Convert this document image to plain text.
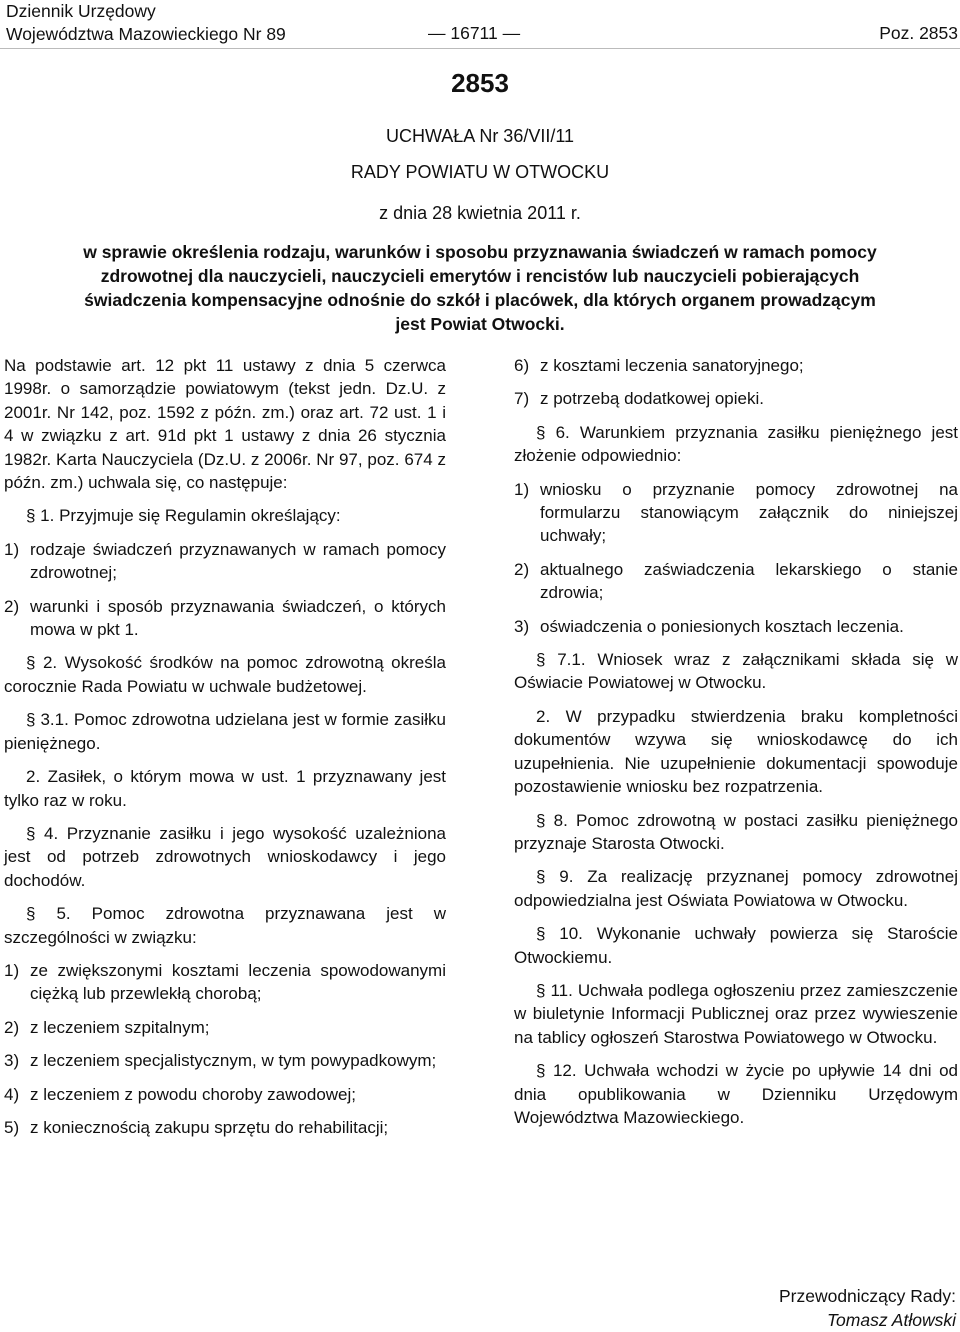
Dziennik Urzędowy
Województwa Mazowieckiego Nr 89	— 16711 —	Poz. 2853
2853
UCHWAŁA Nr 36/VII/11
RADY POWIATU W OTWOCKU
z dnia 28 kwietnia 2011 r.
w sprawie określenia rodzaju, warunków i sposobu przyznawania świadczeń w ramach pomocy zdrowotnej dla nauczycieli, nauczycieli emerytów i rencistów lub nauczycieli pobierających świadczenia kompensacyjne odnośnie do szkół i placówek, dla których organem prowadzącym jest Powiat Otwocki.

Na podstawie art. 12 pkt 11 ustawy z dnia 5 czerwca 1998r. o samorządzie powiatowym (tekst jedn. Dz.U. z 2001r. Nr 142, poz. 1592 z późn. zm.) oraz art. 72 ust. 1 i 4 w związku z art. 91d pkt 1 ustawy z dnia 26 stycznia 1982r. Karta Nauczyciela (Dz.U. z 2006r. Nr 97, poz. 674 z późn. zm.) uchwala się, co następuje:

§ 1. Przyjmuje się Regulamin określający:

1) rodzaje świadczeń przyznawanych w ramach pomocy zdrowotnej;
2) warunki i sposób przyznawania świadczeń, o których mowa w pkt 1.

§ 2. Wysokość środków na pomoc zdrowotną określa corocznie Rada Powiatu w uchwale budżetowej.

§ 3.1. Pomoc zdrowotna udzielana jest w formie zasiłku pieniężnego.

2. Zasiłek, o którym mowa w ust. 1 przyznawany jest tylko raz w roku.

§ 4. Przyznanie zasiłku i jego wysokość uzależniona jest od potrzeb zdrowotnych wnioskodawcy i jego dochodów.

§ 5. Pomoc zdrowotna przyznawana jest w szczególności w związku:

1) ze zwiększonymi kosztami leczenia spowodowanymi ciężką lub przewlekłą chorobą;
2) z leczeniem szpitalnym;
3) z leczeniem specjalistycznym, w tym powypadkowym;
4) z leczeniem z powodu choroby zawodowej;
5) z koniecznością zakupu sprzętu do rehabilitacji;
6) z kosztami leczenia sanatoryjnego;
7) z potrzebą dodatkowej opieki.

§ 6. Warunkiem przyznania zasiłku pieniężnego jest złożenie odpowiednio:

1) wniosku o przyznanie pomocy zdrowotnej na formularzu stanowiącym załącznik do niniejszej uchwały;
2) aktualnego zaświadczenia lekarskiego o stanie zdrowia;
3) oświadczenia o poniesionych kosztach leczenia.

§ 7.1. Wniosek wraz z załącznikami składa się w Oświacie Powiatowej w Otwocku.

2. W przypadku stwierdzenia braku kompletności dokumentów wzywa się wnioskodawcę do ich uzupełnienia. Nie uzupełnienie dokumentacji spowoduje pozostawienie wniosku bez rozpatrzenia.

§ 8. Pomoc zdrowotną w postaci zasiłku pieniężnego przyznaje Starosta Otwocki.

§ 9. Za realizację przyznanej pomocy zdrowotnej odpowiedzialna jest Oświata Powiatowa w Otwocku.

§ 10. Wykonanie uchwały powierza się Staroście Otwockiemu.

§ 11. Uchwała podlega ogłoszeniu przez zamieszczenie w biuletynie Informacji Publicznej oraz przez wywieszenie na tablicy ogłoszeń Starostwa Powiatowego w Otwocku.

§ 12. Uchwała wchodzi w życie po upływie 14 dni od dnia opublikowania w Dzienniku Urzędowym Województwa Mazowieckiego.

Przewodniczący Rady:
Tomasz Atłowski
